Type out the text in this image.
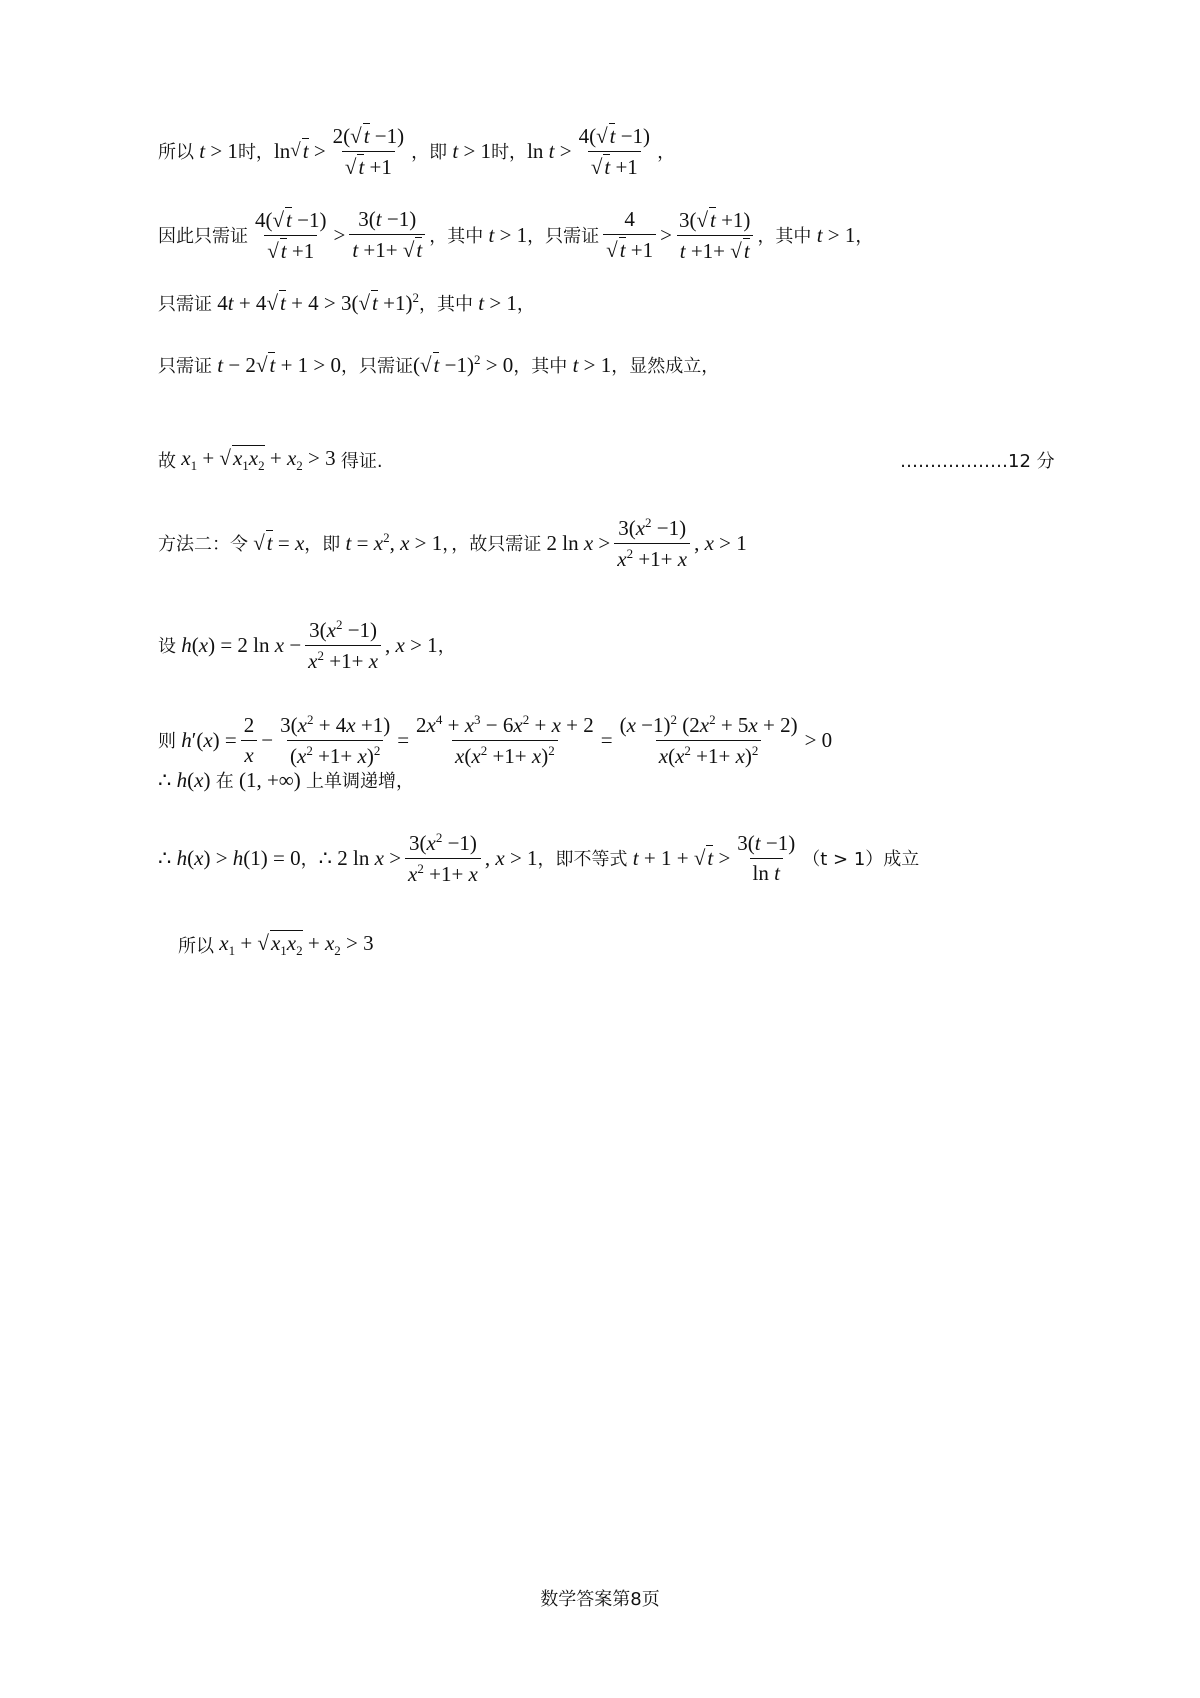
所以 t > 1 时， ln √ $t > \frac{2(√t -1)}{√t +1}$ ，即 t > 1 时， $\ln t > \frac{4(√t -1)}{√t +1}$ ，
因此只需证 $\frac{4(√t -1)}{√t +1} > \frac{3(t -1)}{t +1+ √t}$ ，其中 t > 1 ，只需证 $\frac{4}{√t +1} > \frac{3(√t +1)}{t +1+ √t}$ ，其中 t > 1 ，
只需证 $4t + 4√t + 4 > 3(√t +1)^2$ ，其中 t > 1 ，
只需证 t − 2√t + 1 > 0 ，只需证 $(√t -1)^2 > 0$ ，其中 t > 1 ，显然成立，
故 $x_1 + √x_1x_2 + x_2 > 3$ 得证.	………………12 分
方法二：令 √t = x ，即 $t = x^2$, x > 1 ，，故只需证 2 $\ln x > \frac{3(x^2 -1)}{x^2 +1+ x}$ , x > 1
设 h(x) = 2 $\ln x - \frac{3(x^2 -1)}{x^2 +1+ x}$ , x > 1 ，
则 $h'(x) = \frac{2}{x} - \frac{3(x^2 + 4x +1)}{(x^2 +1+ x)^2} = \frac{2x^4 + x^3 - 6x^2 + x + 2}{x(x^2 +1+ x)^2} = \frac{(x -1)^2 (2x^2 + 5x + 2)}{x(x^2 +1+ x)^2} > 0$
∴ h(x) 在 (1, +∞) 上单调递增，
∴ h(x) > h(1) = 0 ， ∴ 2 $\ln x > \frac{3(x^2 -1)}{x^2 +1+ x}$ , x > 1 ，即不等式 $t + 1 + √t > \frac{3(t -1)}{\text{ln t}} (t > 1)$ 成立
所以 $x_1 + √x_1x_2 + x_2 > 3$
数学答案第8页
